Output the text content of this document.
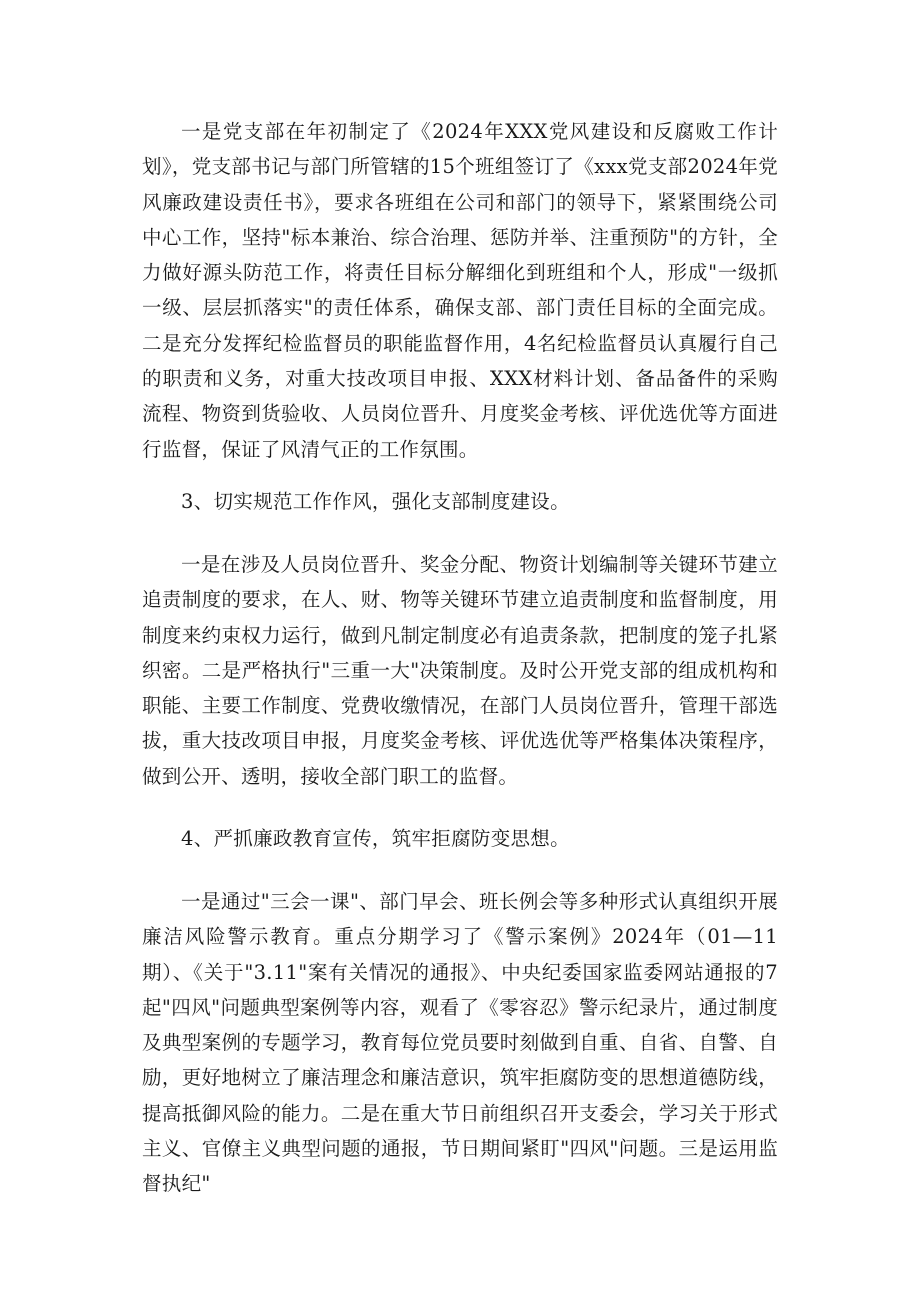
一是党支部在年初制定了《2024年XXX党风建设和反腐败工作计划》，党支部书记与部门所管辖的15个班组签订了《xxx党支部2024年党风廉政建设责任书》，要求各班组在公司和部门的领导下，紧紧围绕公司中心工作，坚持"标本兼治、综合治理、惩防并举、注重预防"的方针，全力做好源头防范工作，将责任目标分解细化到班组和个人，形成"一级抓一级、层层抓落实"的责任体系，确保支部、部门责任目标的全面完成。二是充分发挥纪检监督员的职能监督作用，4名纪检监督员认真履行自己的职责和义务，对重大技改项目申报、XXX材料计划、备品备件的采购流程、物资到货验收、人员岗位晋升、月度奖金考核、评优选优等方面进行监督，保证了风清气正的工作氛围。

3、切实规范工作作风，强化支部制度建设。

一是在涉及人员岗位晋升、奖金分配、物资计划编制等关键环节建立追责制度的要求，在人、财、物等关键环节建立追责制度和监督制度，用制度来约束权力运行，做到凡制定制度必有追责条款，把制度的笼子扎紧织密。二是严格执行"三重一大"决策制度。及时公开党支部的组成机构和职能、主要工作制度、党费收缴情况，在部门人员岗位晋升，管理干部选拔，重大技改项目申报，月度奖金考核、评优选优等严格集体决策程序，做到公开、透明，接收全部门职工的监督。

4、严抓廉政教育宣传，筑牢拒腐防变思想。

一是通过"三会一课"、部门早会、班长例会等多种形式认真组织开展廉洁风险警示教育。重点分期学习了《警示案例》2024年（01—11期）、《关于"3.11"案有关情况的通报》、中央纪委国家监委网站通报的7起"四风"问题典型案例等内容，观看了《零容忍》警示纪录片，通过制度及典型案例的专题学习，教育每位党员要时刻做到自重、自省、自警、自励，更好地树立了廉洁理念和廉洁意识，筑牢拒腐防变的思想道德防线，提高抵御风险的能力。二是在重大节日前组织召开支委会，学习关于形式主义、官僚主义典型问题的通报，节日期间紧盯"四风"问题。三是运用监督执纪"
